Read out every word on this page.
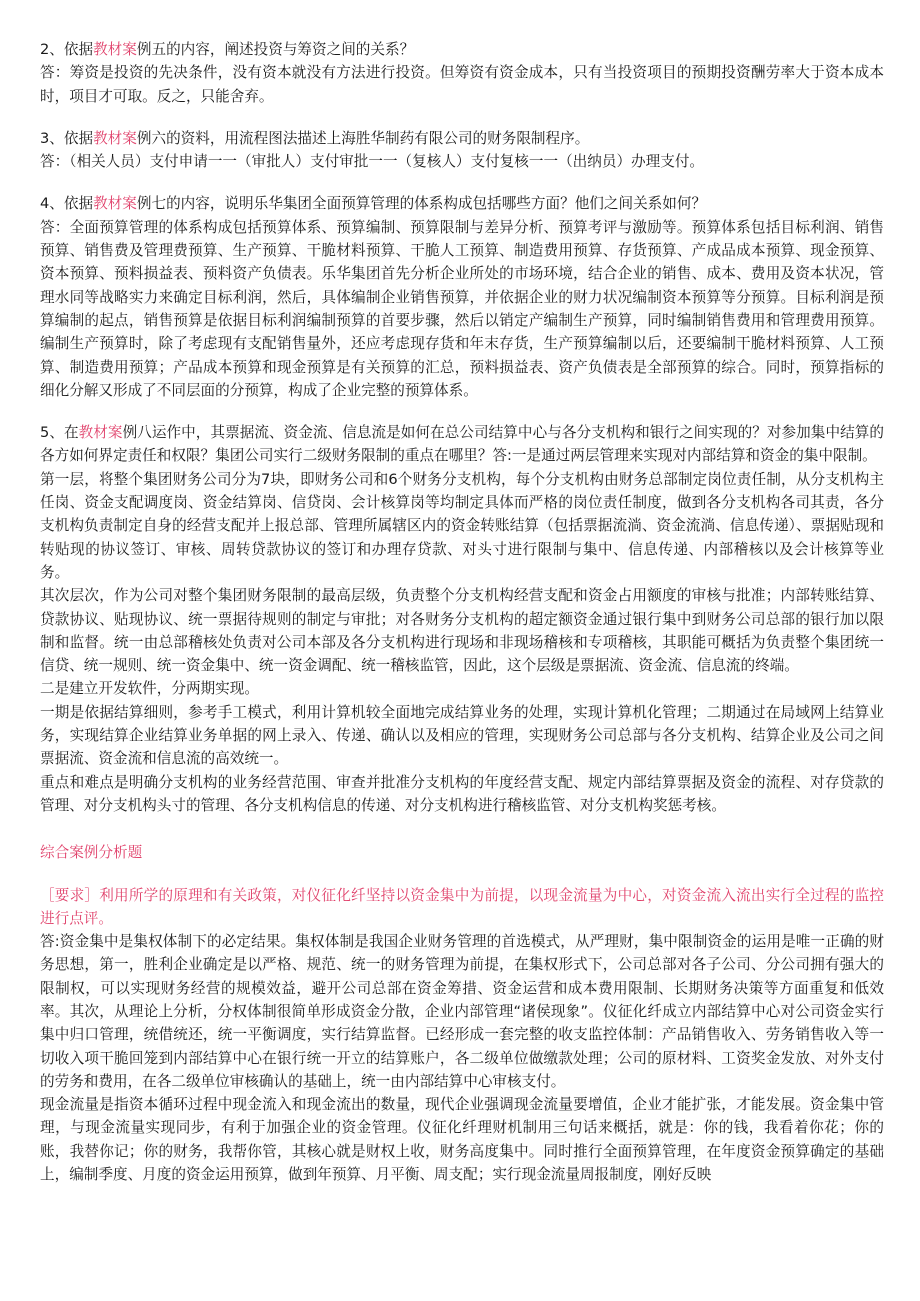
2、依据教材案例五的内容，阐述投资与筹资之间的关系？

答：筹资是投资的先决条件，没有资本就没有方法进行投资。但筹资有资金成本，只有当投资项目的预期投资酬劳率大于资本成本时，项目才可取。反之，只能舍弃。

3、依据教材案例六的资料，用流程图法描述上海胜华制药有限公司的财务限制程序。

答：（相关人员）支付申请一一（审批人）支付审批一一（复核人）支付复核一一（出纳员）办理支付。

4、依据教材案例七的内容，说明乐华集团全面预算管理的体系构成包括哪些方面？他们之间关系如何？

答：全面预算管理的体系构成包括预算体系、预算编制、预算限制与差异分析、预算考评与激励等。预算体系包括目标利润、销售预算、销售费及管理费预算、生产预算、干脆材料预算、干脆人工预算、制造费用预算、存货预算、产成品成本预算、现金预算、资本预算、预料损益表、预料资产负债表。乐华集团首先分析企业所处的市场环境，结合企业的销售、成本、费用及资本状况，管理水同等战略实力来确定目标利润，然后，具体编制企业销售预算，并依据企业的财力状况编制资本预算等分预算。目标利润是预算编制的起点，销售预算是依据目标利润编制预算的首要步骤，然后以销定产编制生产预算，同时编制销售费用和管理费用预算。编制生产预算时，除了考虑现有支配销售量外，还应考虑现存货和年末存货，生产预算编制以后，还要编制干脆材料预算、人工预算、制造费用预算；产品成本预算和现金预算是有关预算的汇总，预料损益表、资产负债表是全部预算的综合。同时，预算指标的细化分解又形成了不同层面的分预算，构成了企业完整的预算体系。

5、在教材案例八运作中，其票据流、资金流、信息流是如何在总公司结算中心与各分支机构和银行之间实现的？对参加集中结算的各方如何界定责任和权限？集团公司实行二级财务限制的重点在哪里？答:一是通过两层管理来实现对内部结算和资金的集中限制。

第一层，将整个集团财务公司分为7块，即财务公司和6个财务分支机构，每个分支机构由财务总部制定岗位责任制，从分支机构主任岗、资金支配调度岗、资金结算岗、信贷岗、会计核算岗等均制定具体而严格的岗位责任制度，做到各分支机构各司其责，各分支机构负责制定自身的经营支配并上报总部、管理所属辖区内的资金转账结算（包括票据流淌、资金流淌、信息传递）、票据贴现和转贴现的协议签订、审核、周转贷款协议的签订和办理存贷款、对头寸进行限制与集中、信息传递、内部稽核以及会计核算等业务。

其次层次，作为公司对整个集团财务限制的最高层级，负责整个分支机构经营支配和资金占用额度的审核与批准；内部转账结算、贷款协议、贴现协议、统一票据待规则的制定与审批；对各财务分支机构的超定额资金通过银行集中到财务公司总部的银行加以限制和监督。统一由总部稽核处负责对公司本部及各分支机构进行现场和非现场稽核和专项稽核，其职能可概括为负责整个集团统一信贷、统一规则、统一资金集中、统一资金调配、统一稽核监管，因此，这个层级是票据流、资金流、信息流的终端。

二是建立开发软件，分两期实现。

一期是依据结算细则，参考手工模式，利用计算机较全面地完成结算业务的处理，实现计算机化管理；二期通过在局域网上结算业务，实现结算企业结算业务单据的网上录入、传递、确认以及相应的管理，实现财务公司总部与各分支机构、结算企业及公司之间票据流、资金流和信息流的高效统一。

重点和难点是明确分支机构的业务经营范围、审查并批准分支机构的年度经营支配、规定内部结算票据及资金的流程、对存贷款的管理、对分支机构头寸的管理、各分支机构信息的传递、对分支机构进行稽核监管、对分支机构奖惩考核。

综合案例分析题

［要求］利用所学的原理和有关政策，对仪征化纤坚持以资金集中为前提，以现金流量为中心，对资金流入流出实行全过程的监控进行点评。

答:资金集中是集权体制下的必定结果。集权体制是我国企业财务管理的首选模式，从严理财，集中限制资金的运用是唯一正确的财务思想，第一，胜利企业确定是以严格、规范、统一的财务管理为前提，在集权形式下，公司总部对各子公司、分公司拥有强大的限制权，可以实现财务经营的规模效益，避开公司总部在资金筹措、资金运营和成本费用限制、长期财务决策等方面重复和低效率。其次，从理论上分析，分权体制很简单形成资金分散，企业内部管理“诸侯现象”。仪征化纤成立内部结算中心对公司资金实行集中归口管理，统借统还，统一平衡调度，实行结算监督。已经形成一套完整的收支监控体制：产品销售收入、劳务销售收入等一切收入项干脆回笼到内部结算中心在银行统一开立的结算账户，各二级单位做缴款处理；公司的原材料、工资奖金发放、对外支付的劳务和费用，在各二级单位审核确认的基础上，统一由内部结算中心审核支付。

现金流量是指资本循环过程中现金流入和现金流出的数量，现代企业强调现金流量要增值，企业才能扩张，才能发展。资金集中管理，与现金流量实现同步，有利于加强企业的资金管理。仪征化纤理财机制用三句话来概括，就是：你的钱，我看着你花；你的账，我替你记；你的财务，我帮你管，其核心就是财权上收，财务高度集中。同时推行全面预算管理，在年度资金预算确定的基础上，编制季度、月度的资金运用预算，做到年预算、月平衡、周支配；实行现金流量周报制度，刚好反映
